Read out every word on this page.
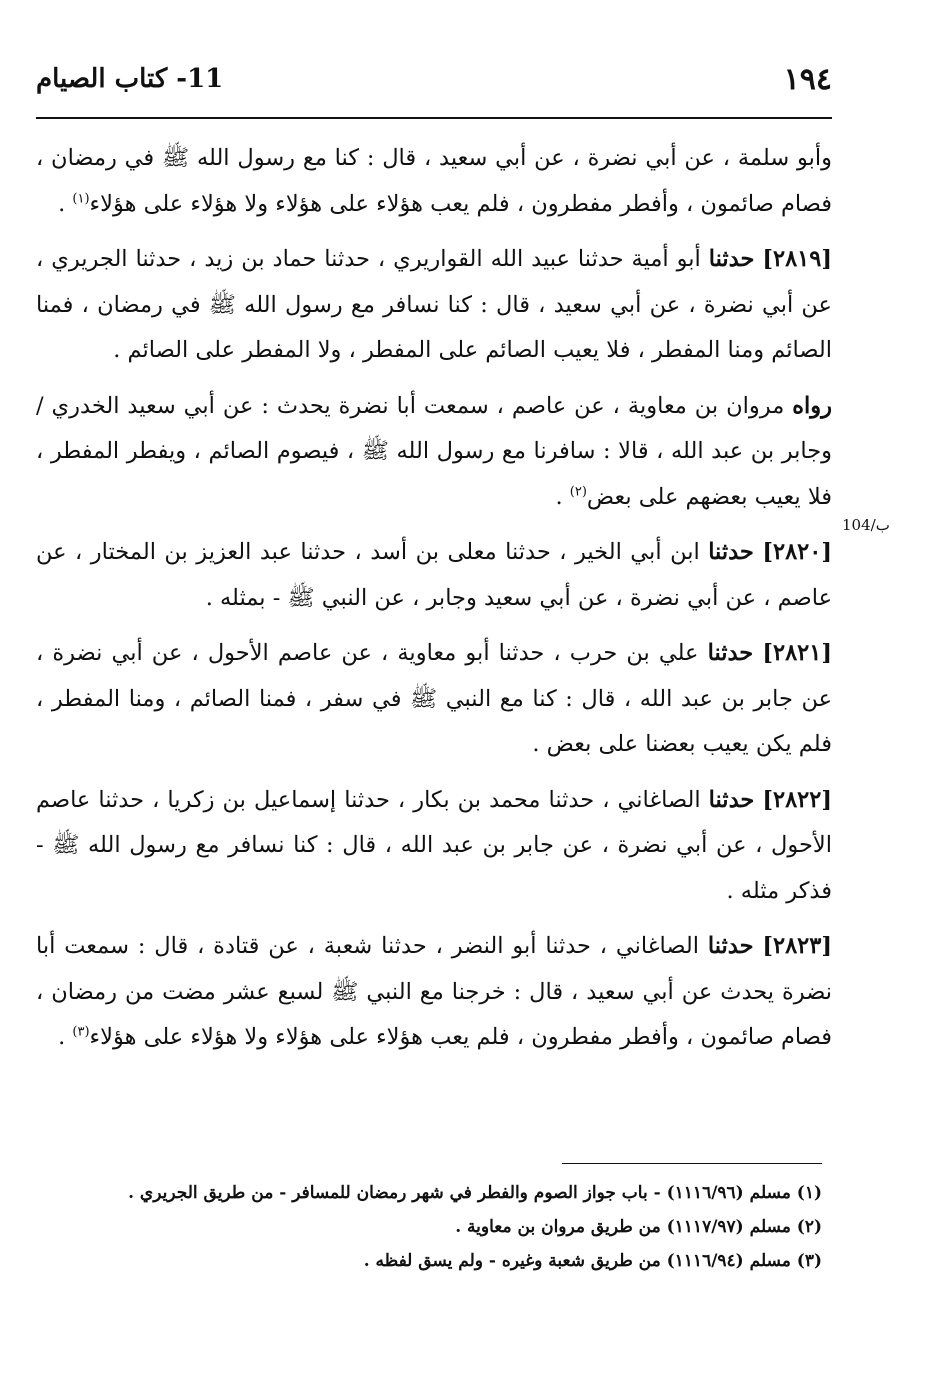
١٩٤
11- كتاب الصيام
104/ب

وأبو سلمة ، عن أبي نضرة ، عن أبي سعيد ، قال : كنا مع رسول الله ﷺ في رمضان ، فصام صائمون ، وأفطر مفطرون ، فلم يعب هؤلاء على هؤلاء ولا هؤلاء على هؤلاء$^{(١)}$ .

[٢٨١٩] حدثنا أبو أمية حدثنا عبيد الله القواريري ، حدثنا حماد بن زيد ، حدثنا الجريري ، عن أبي نضرة ، عن أبي سعيد ، قال : كنا نسافر مع رسول الله ﷺ في رمضان ، فمنا الصائم ومنا المفطر ، فلا يعيب الصائم على المفطر ، ولا المفطر على الصائم .

رواه مروان بن معاوية ، عن عاصم ، سمعت أبا نضرة يحدث : عن أبي سعيد الخدري / وجابر بن عبد الله ، قالا : سافرنا مع رسول الله ﷺ ، فيصوم الصائم ، ويفطر المفطر ، فلا يعيب بعضهم على بعض$^{(٢)}$ .

[٢٨٢٠] حدثنا ابن أبي الخير ، حدثنا معلى بن أسد ، حدثنا عبد العزيز بن المختار ، عن عاصم ، عن أبي نضرة ، عن أبي سعيد وجابر ، عن النبي ﷺ - بمثله .

[٢٨٢١] حدثنا علي بن حرب ، حدثنا أبو معاوية ، عن عاصم الأحول ، عن أبي نضرة ، عن جابر بن عبد الله ، قال : كنا مع النبي ﷺ في سفر ، فمنا الصائم ، ومنا المفطر ، فلم يكن يعيب بعضنا على بعض .

[٢٨٢٢] حدثنا الصاغاني ، حدثنا محمد بن بكار ، حدثنا إسماعيل بن زكريا ، حدثنا عاصم الأحول ، عن أبي نضرة ، عن جابر بن عبد الله ، قال : كنا نسافر مع رسول الله ﷺ - فذكر مثله .

[٢٨٢٣] حدثنا الصاغاني ، حدثنا أبو النضر ، حدثنا شعبة ، عن قتادة ، قال : سمعت أبا نضرة يحدث عن أبي سعيد ، قال : خرجنا مع النبي ﷺ لسبع عشر مضت من رمضان ، فصام صائمون ، وأفطر مفطرون ، فلم يعب هؤلاء على هؤلاء ولا هؤلاء على هؤلاء$^{(٣)}$ .

(١) مسلم (١١١٦/٩٦) - باب جواز الصوم والفطر في شهر رمضان للمسافر - من طريق الجريري .

(٢) مسلم (١١١٧/٩٧) من طريق مروان بن معاوية .

(٣) مسلم (١١١٦/٩٤) من طريق شعبة وغيره - ولم يسق لفظه .
